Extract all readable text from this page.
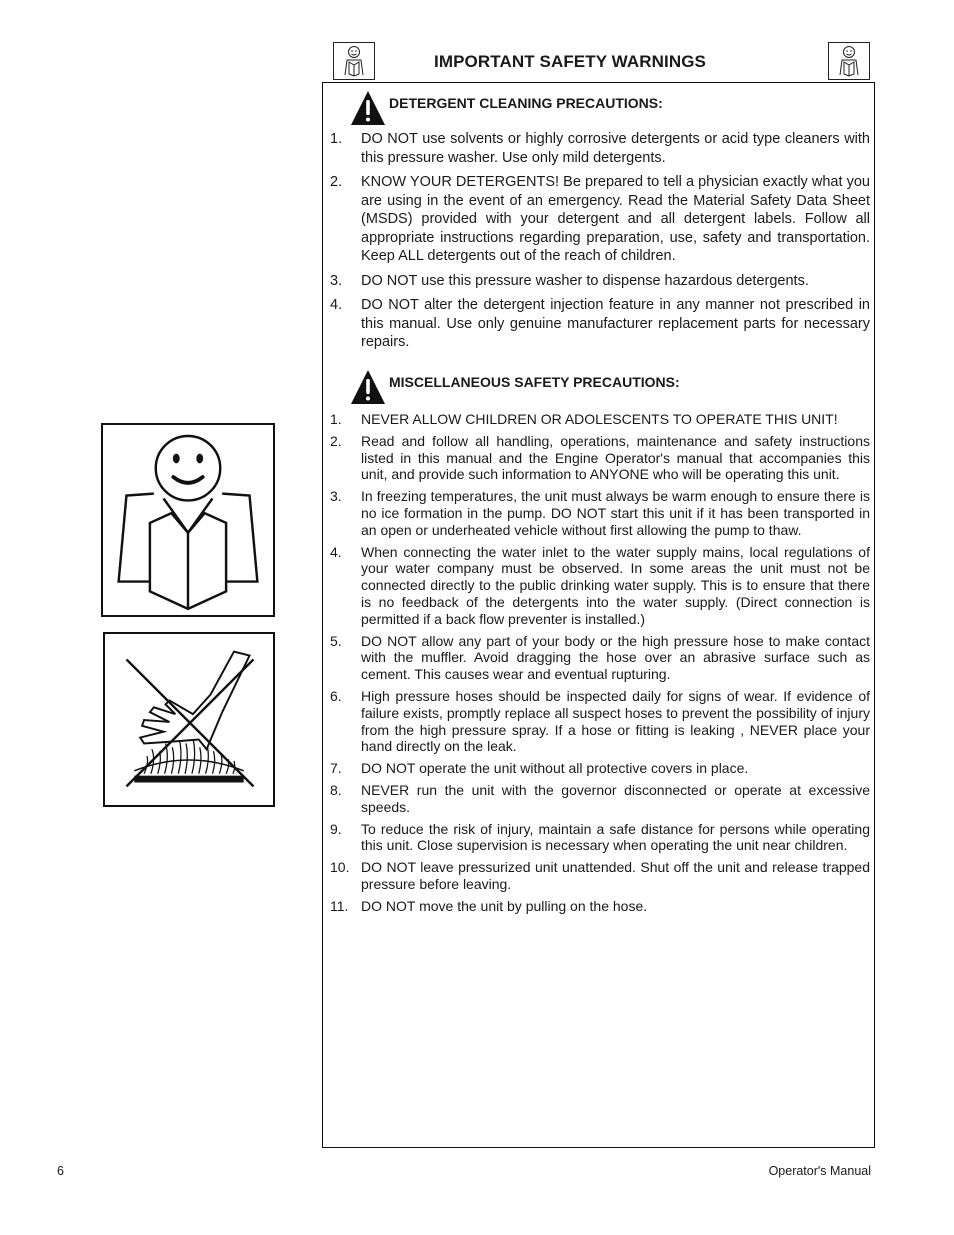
IMPORTANT SAFETY WARNINGS
DETERGENT CLEANING PRECAUTIONS:
1. DO NOT use solvents or highly corrosive detergents or acid type cleaners with this pressure washer. Use only mild detergents.
2. KNOW YOUR DETERGENTS! Be prepared to tell a physician exactly what you are using in the event of an emergency. Read the Material Safety Data Sheet (MSDS) provided with your detergent and all detergent labels. Follow all appropriate instructions regarding preparation, use, safety and transportation. Keep ALL detergents out of the reach of children.
3. DO NOT use this pressure washer to dispense hazardous detergents.
4. DO NOT alter the detergent injection feature in any manner not prescribed in this manual. Use only genuine manufacturer replacement parts for necessary repairs.
MISCELLANEOUS SAFETY PRECAUTIONS:
1. NEVER ALLOW CHILDREN OR ADOLESCENTS TO OPERATE THIS UNIT!
2. Read and follow all handling, operations, maintenance and safety instructions listed in this manual and the Engine Operator's manual that accompanies this unit, and provide such information to ANYONE who will be operating this unit.
3. In freezing temperatures, the unit must always be warm enough to ensure there is no ice formation in the pump. DO NOT start this unit if it has been transported in an open or underheated vehicle without first allowing the pump to thaw.
4. When connecting the water inlet to the water supply mains, local regulations of your water company must be observed. In some areas the unit must not be connected directly to the public drinking water supply. This is to ensure that there is no feedback of the detergents into the water supply. (Direct connection is permitted if a back flow preventer is installed.)
5. DO NOT allow any part of your body or the high pressure hose to make contact with the muffler. Avoid dragging the hose over an abrasive surface such as cement. This causes wear and eventual rupturing.
6. High pressure hoses should be inspected daily for signs of wear. If evidence of failure exists, promptly replace all suspect hoses to prevent the possibility of injury from the high pressure spray. If a hose or fitting is leaking , NEVER place your hand directly on the leak.
7. DO NOT operate the unit without all protective covers in place.
8. NEVER run the unit with the governor disconnected or operate at excessive speeds.
9. To reduce the risk of injury, maintain a safe distance for persons while operating this unit. Close supervision is necessary when operating the unit near children.
10. DO NOT leave pressurized unit unattended. Shut off the unit and release trapped pressure before leaving.
11. DO NOT move the unit by pulling on the hose.
6	Operator's Manual
